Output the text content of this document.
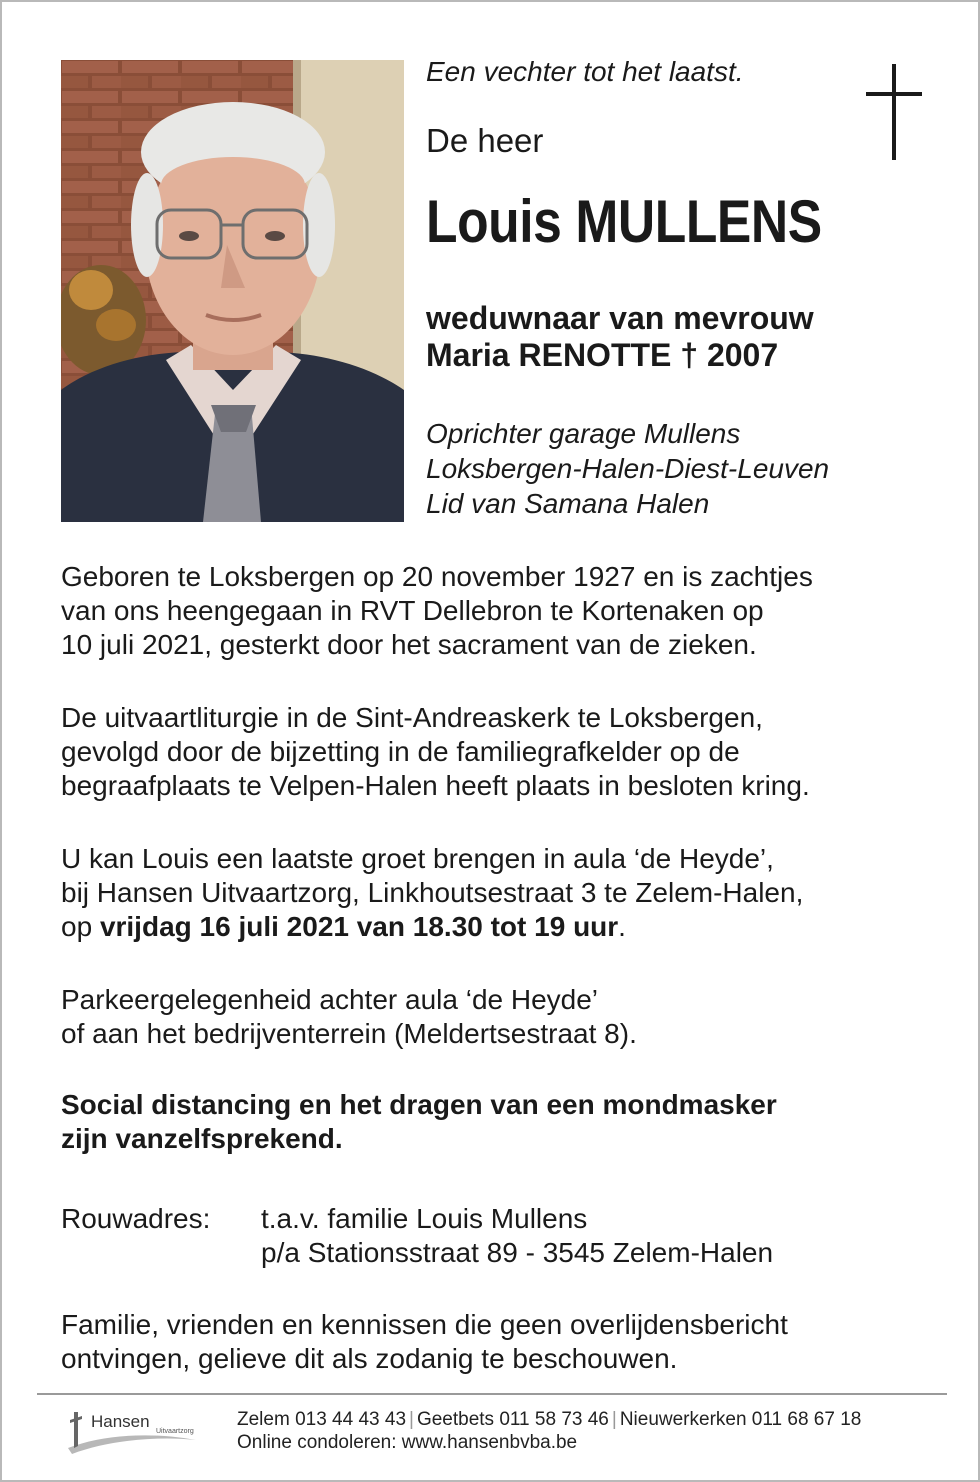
Een vechter tot het laatst.
De heer
Louis MULLENS
weduwnaar van mevrouw
Maria RENOTTE † 2007
Oprichter garage Mullens
Loksbergen-Halen-Diest-Leuven
Lid van Samana Halen
Geboren te Loksbergen op 20 november 1927 en is zachtjes
van ons heengegaan in RVT Dellebron te Kortenaken op
10 juli 2021, gesterkt door het sacrament van de zieken.
De uitvaartliturgie in de Sint-Andreaskerk te Loksbergen,
gevolgd door de bijzetting in de familiegrafkelder op de
begraafplaats te Velpen-Halen heeft plaats in besloten kring.
U kan Louis een laatste groet brengen in aula ‘de Heyde’,
bij Hansen Uitvaartzorg, Linkhoutsestraat 3 te Zelem-Halen,
op vrijdag 16 juli 2021 van 18.30 tot 19 uur.
Parkeergelegenheid achter aula ‘de Heyde’
of aan het bedrijventerrein (Meldertsestraat 8).
Social distancing en het dragen van een mondmasker
zijn vanzelfsprekend.
Rouwadres: t.a.v. familie Louis Mullens
p/a Stationsstraat 89 - 3545 Zelem-Halen
Familie, vrienden en kennissen die geen overlijdensbericht
ontvingen, gelieve dit als zodanig te beschouwen.
Hansen
Uitvaartzorg
Zelem 013 44 43 43 | Geetbets 011 58 73 46 | Nieuwerkerken 011 68 67 18
Online condoleren: www.hansenbvba.be
